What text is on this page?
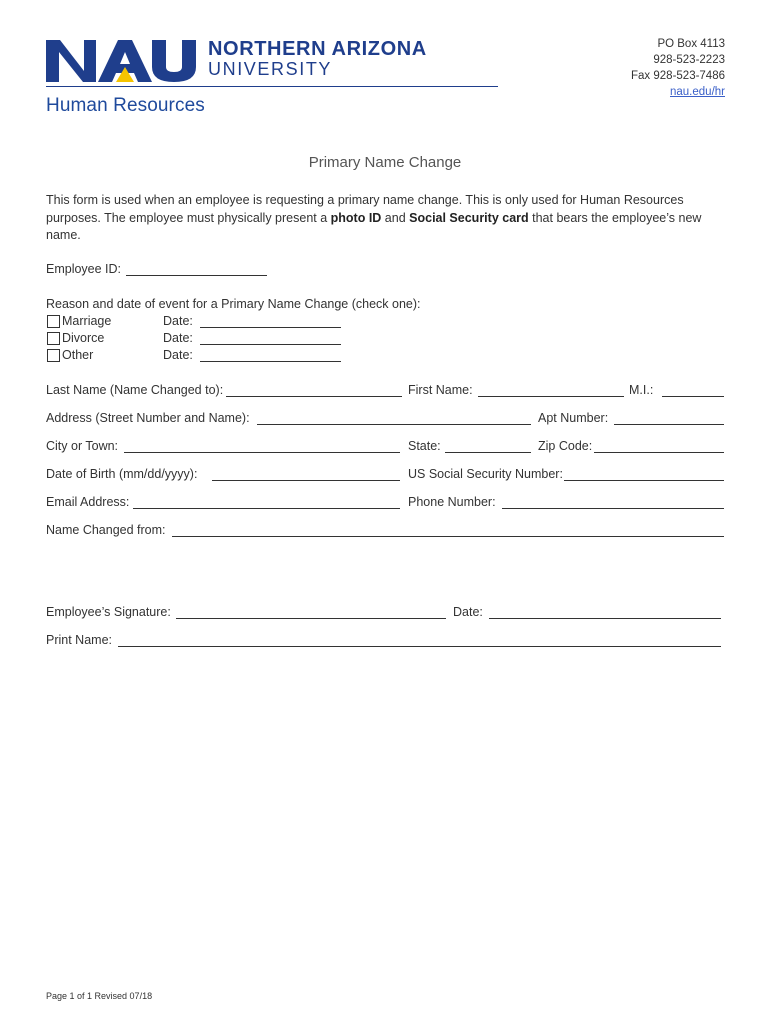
NORTHERN ARIZONA
UNIVERSITY
Human Resources
PO Box 4113
928-523-2223
Fax 928-523-7486
nau.edu/hr
Primary Name Change
This form is used when an employee is requesting a primary name change. This is only used for Human Resources purposes. The employee must physically present a photo ID and Social Security card that bears the employee’s new name.
Employee ID:
Reason and date of event for a Primary Name Change (check one):
Marriage	Date:
Divorce	Date:
Other	Date:
Last Name (Name Changed to):	First Name:	M.I.:
Address (Street Number and Name):	Apt Number:
City or Town:	State:	Zip Code:
Date of Birth (mm/dd/yyyy):	US Social Security Number:
Email Address:	Phone Number:
Name Changed from:
Employee’s Signature:	Date:
Print Name:
Page 1 of 1 Revised 07/18
